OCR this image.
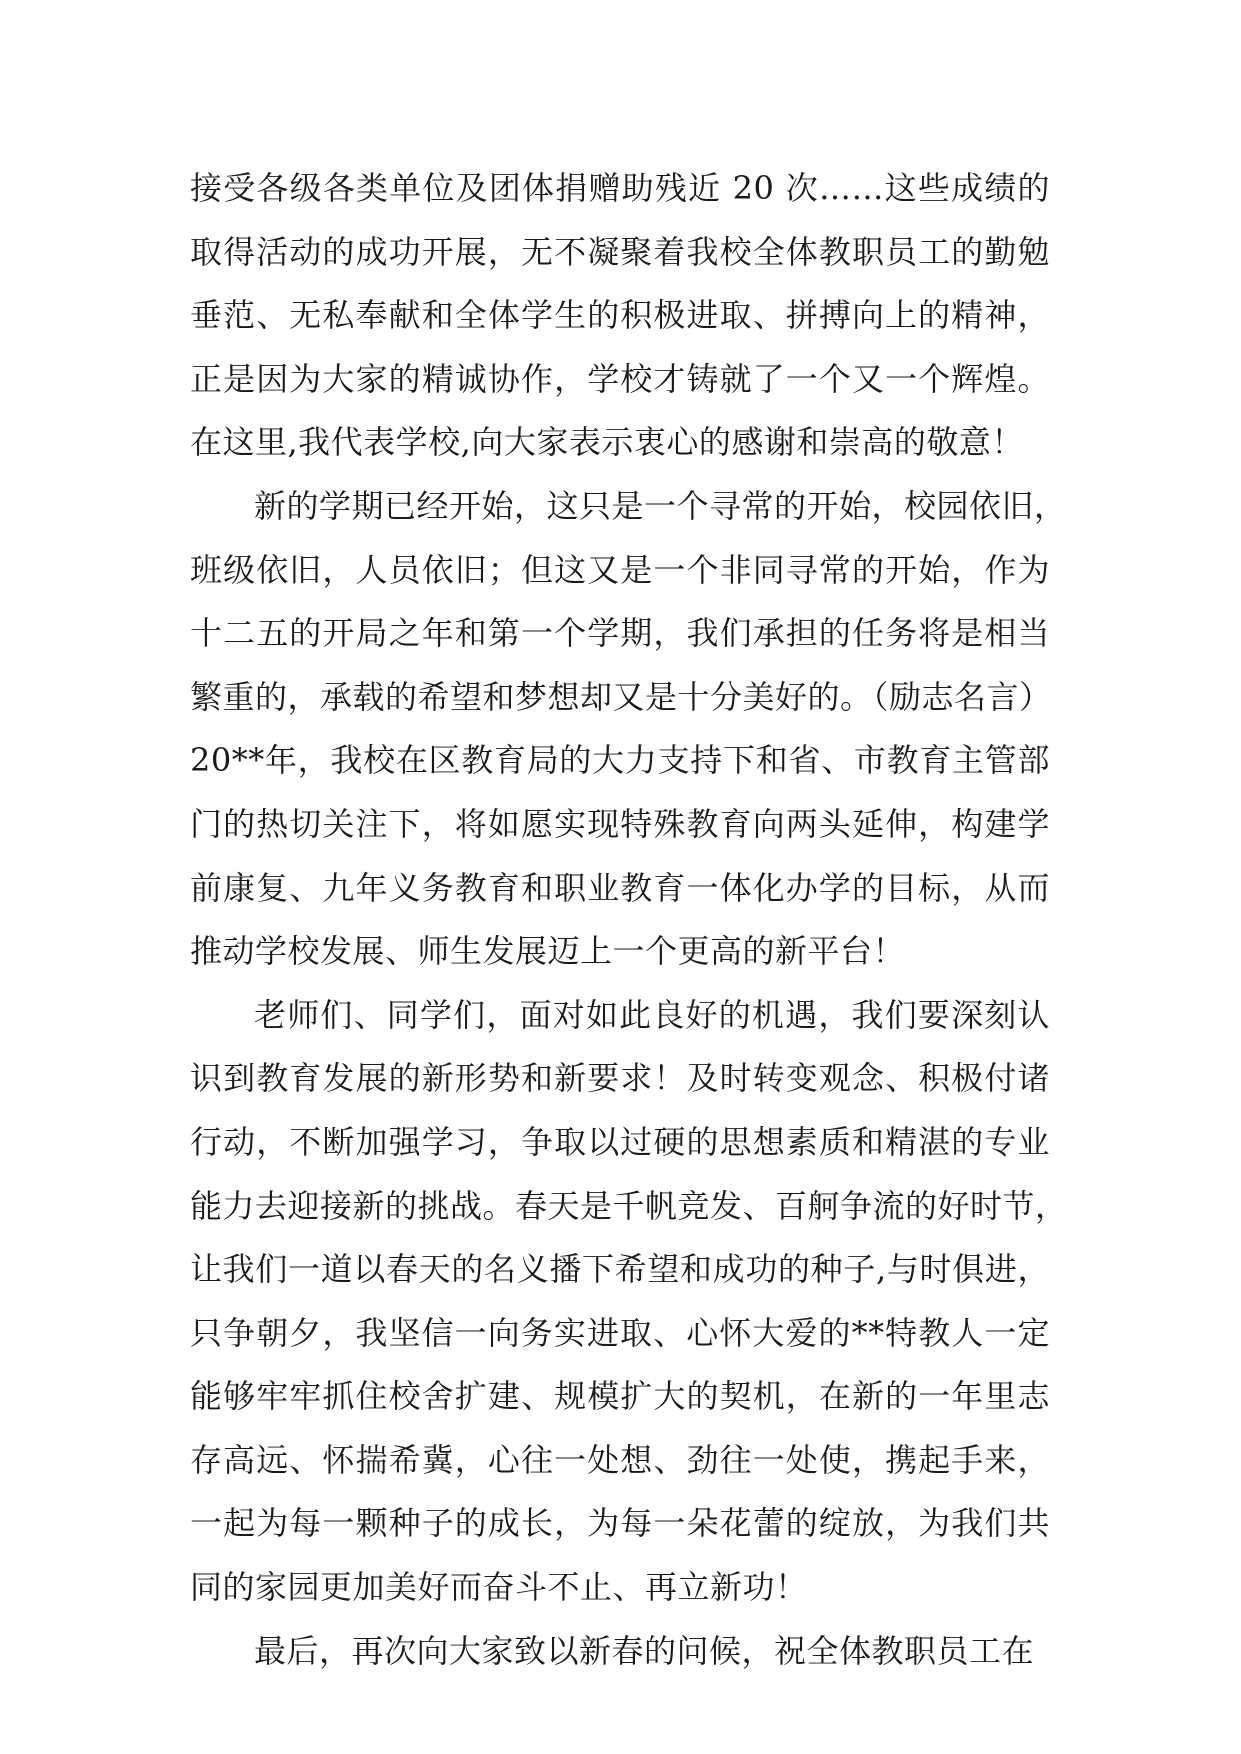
接受各级各类单位及团体捐赠助残近 20 次……这些成绩的
取得活动的成功开展，无不凝聚着我校全体教职员工的勤勉
垂范、无私奉献和全体学生的积极进取、拼搏向上的精神，
正是因为大家的精诚协作，学校才铸就了一个又一个辉煌。
在这里,我代表学校,向大家表示衷心的感谢和崇高的敬意！
新的学期已经开始，这只是一个寻常的开始，校园依旧，
班级依旧，人员依旧；但这又是一个非同寻常的开始，作为
十二五的开局之年和第一个学期，我们承担的任务将是相当
繁重的，承载的希望和梦想却又是十分美好的。（励志名言）
20**年，我校在区教育局的大力支持下和省、市教育主管部
门的热切关注下，将如愿实现特殊教育向两头延伸，构建学
前康复、九年义务教育和职业教育一体化办学的目标，从而
推动学校发展、师生发展迈上一个更高的新平台！
老师们、同学们，面对如此良好的机遇，我们要深刻认
识到教育发展的新形势和新要求！及时转变观念、积极付诸
行动，不断加强学习，争取以过硬的思想素质和精湛的专业
能力去迎接新的挑战。春天是千帆竞发、百舸争流的好时节，
让我们一道以春天的名义播下希望和成功的种子,与时俱进，
只争朝夕，我坚信一向务实进取、心怀大爱的**特教人一定
能够牢牢抓住校舍扩建、规模扩大的契机，在新的一年里志
存高远、怀揣希冀，心往一处想、劲往一处使，携起手来，
一起为每一颗种子的成长，为每一朵花蕾的绽放，为我们共
同的家园更加美好而奋斗不止、再立新功！
最后，再次向大家致以新春的问候，祝全体教职员工在
